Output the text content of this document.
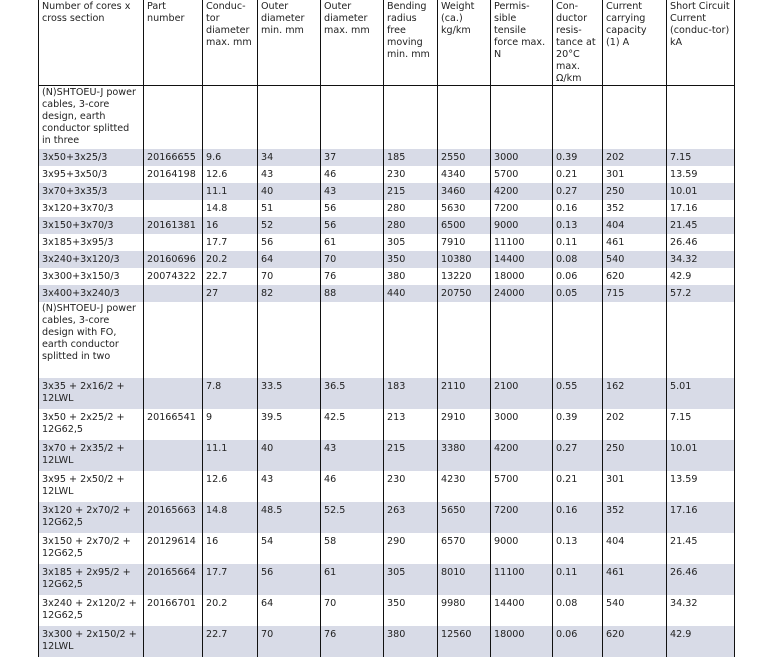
Number of cores x cross section	Part number	Conduc-tor diameter max. mm	Outer diameter min. mm	Outer diameter max. mm	Bending radius free moving min. mm	Weight (ca.) kg/km	Permis-sible tensile force max. N	Con-ductor resis-tance at 20°C max. Ω/km	Current carrying capacity (1) A	Short Circuit Current (conduc-tor) kA
(N)SHTOEU-J power cables, 3-core design, earth conductor splitted in three										
3x50+3x25/3	20166655	9.6	34	37	185	2550	3000	0.39	202	7.15
3x95+3x50/3	20164198	12.6	43	46	230	4340	5700	0.21	301	13.59
3x70+3x35/3		11.1	40	43	215	3460	4200	0.27	250	10.01
3x120+3x70/3		14.8	51	56	280	5630	7200	0.16	352	17.16
3x150+3x70/3	20161381	16	52	56	280	6500	9000	0.13	404	21.45
3x185+3x95/3		17.7	56	61	305	7910	11100	0.11	461	26.46
3x240+3x120/3	20160696	20.2	64	70	350	10380	14400	0.08	540	34.32
3x300+3x150/3	20074322	22.7	70	76	380	13220	18000	0.06	620	42.9
3x400+3x240/3		27	82	88	440	20750	24000	0.05	715	57.2
(N)SHTOEU-J power cables, 3-core design with FO, earth conductor splitted in two										
3x35 + 2x16/2 + 12LWL		7.8	33.5	36.5	183	2110	2100	0.55	162	5.01
3x50 + 2x25/2 + 12G62,5	20166541	9	39.5	42.5	213	2910	3000	0.39	202	7.15
3x70 + 2x35/2 + 12LWL		11.1	40	43	215	3380	4200	0.27	250	10.01
3x95 + 2x50/2 + 12LWL		12.6	43	46	230	4230	5700	0.21	301	13.59
3x120 + 2x70/2 + 12G62,5	20165663	14.8	48.5	52.5	263	5650	7200	0.16	352	17.16
3x150 + 2x70/2 + 12G62,5	20129614	16	54	58	290	6570	9000	0.13	404	21.45
3x185 + 2x95/2 + 12G62,5	20165664	17.7	56	61	305	8010	11100	0.11	461	26.46
3x240 + 2x120/2 + 12G62,5	20166701	20.2	64	70	350	9980	14400	0.08	540	34.32
3x300 + 2x150/2 + 12LWL		22.7	70	76	380	12560	18000	0.06	620	42.9
